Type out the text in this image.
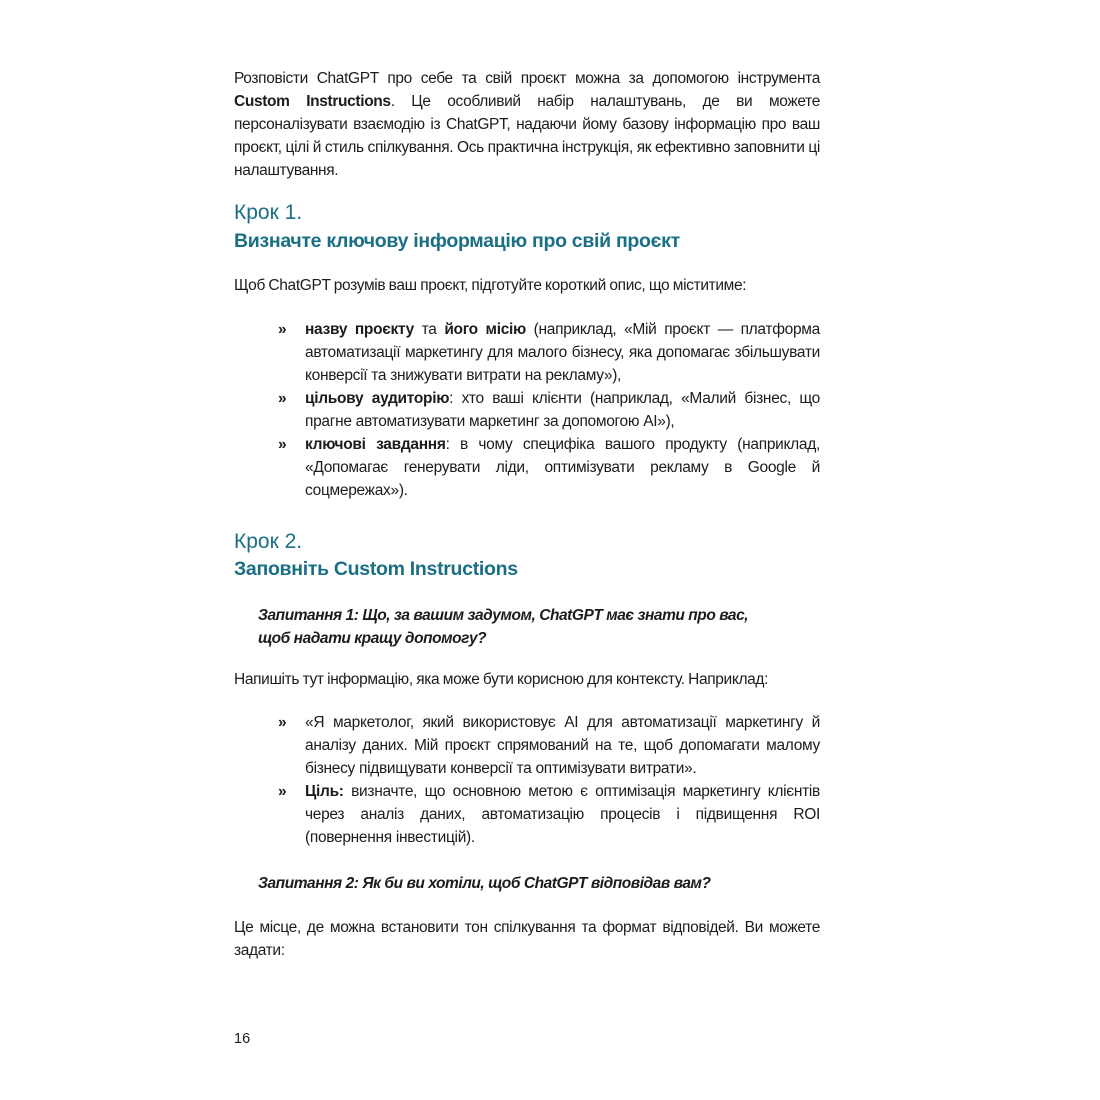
Розповісти ChatGPT про себе та свій проєкт можна за допомогою інструмента Custom Instructions. Це особливий набір налаштувань, де ви можете персоналізувати взаємодію із ChatGPT, надаючи йому базову інформацію про ваш проєкт, цілі й стиль спілкування. Ось практична інструкція, як ефективно заповнити ці налаштування.

Крок 1.
Визначте ключову інформацію про свій проєкт

Щоб ChatGPT розумів ваш проєкт, підготуйте короткий опис, що міститиме:

» назву проєкту та його місію (наприклад, «Мій проєкт — платформа автоматизації маркетингу для малого бізнесу, яка допомагає збільшувати конверсії та знижувати витрати на рекламу»),
» цільову аудиторію: хто ваші клієнти (наприклад, «Малий бізнес, що прагне автоматизувати маркетинг за допомогою AI»),
» ключові завдання: в чому специфіка вашого продукту (наприклад, «Допомагає генерувати ліди, оптимізувати рекламу в Google й соцмережах»).
Крок 2.
Заповніть Custom Instructions

Запитання 1: Що, за вашим задумом, ChatGPT має знати про вас,
щоб надати кращу допомогу?

Напишіть тут інформацію, яка може бути корисною для контексту. Наприклад:

» «Я маркетолог, який використовує AI для автоматизації маркетингу й аналізу даних. Мій проєкт спрямований на те, щоб допомагати малому бізнесу підвищувати конверсії та оптимізувати витрати».
» Ціль: визначте, що основною метою є оптимізація маркетингу клієнтів через аналіз даних, автоматизацію процесів і підвищення ROI (повернення інвестицій).

Запитання 2: Як би ви хотіли, щоб ChatGPT відповідав вам?

Це місце, де можна встановити тон спілкування та формат відповідей. Ви можете задати:

16
